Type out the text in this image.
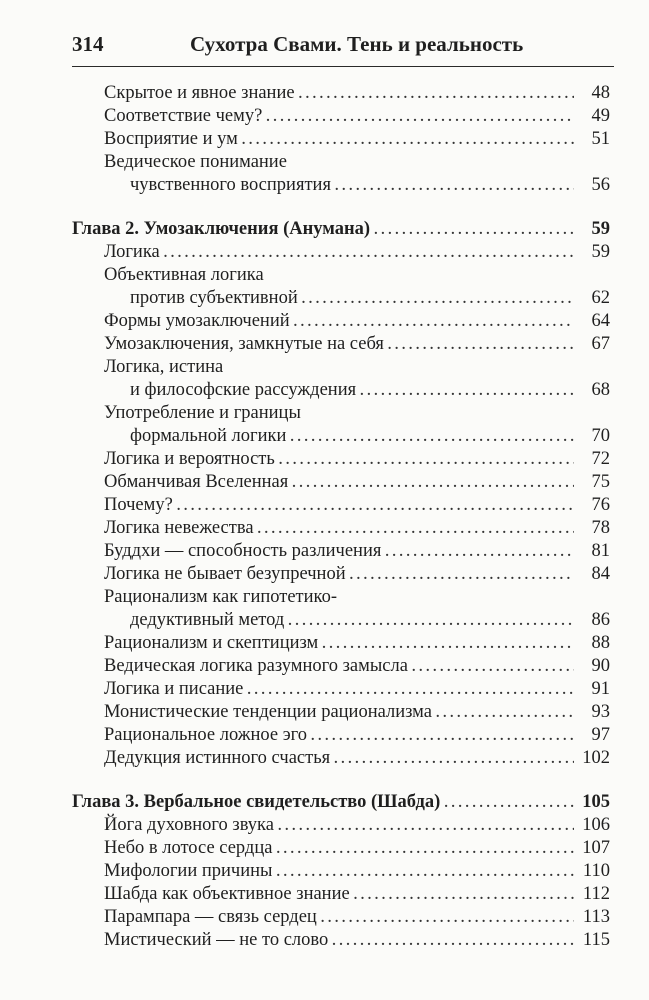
314	Сухотра Свами. Тень и реальность
Скрытое и явное знание . . .	48
Соответствие чему? . . .	49
Восприятие и ум . . .	51
Ведическое понимание
чувственного восприятия . . .	56
Глава 2. Умозаключения (Анумана) . . .	59
Логика . . .	59
Объективная логика
против субъективной . . .	62
Формы умозаключений . . .	64
Умозаключения, замкнутые на себя . . .	67
Логика, истина
и философские рассуждения . . .	68
Употребление и границы
формальной логики . . .	70
Логика и вероятность . . .	72
Обманчивая Вселенная . . .	75
Почему? . . .	76
Логика невежества . . .	78
Буддхи — способность различения . . .	81
Логика не бывает безупречной . . .	84
Рационализм как гипотетико-
дедуктивный метод . . .	86
Рационализм и скептицизм . . .	88
Ведическая логика разумного замысла . . .	90
Логика и писание . . .	91
Монистические тенденции рационализма . . .	93
Рациональное ложное эго . . .	97
Дедукция истинного счастья . . .	102
Глава 3. Вербальное свидетельство (Шабда) . . .	105
Йога духовного звука . . .	106
Небо в лотосе сердца . . .	107
Мифологии причины . . .	110
Шабда как объективное знание . . .	112
Парампара — связь сердец . . .	113
Мистический — не то слово . . .	115
